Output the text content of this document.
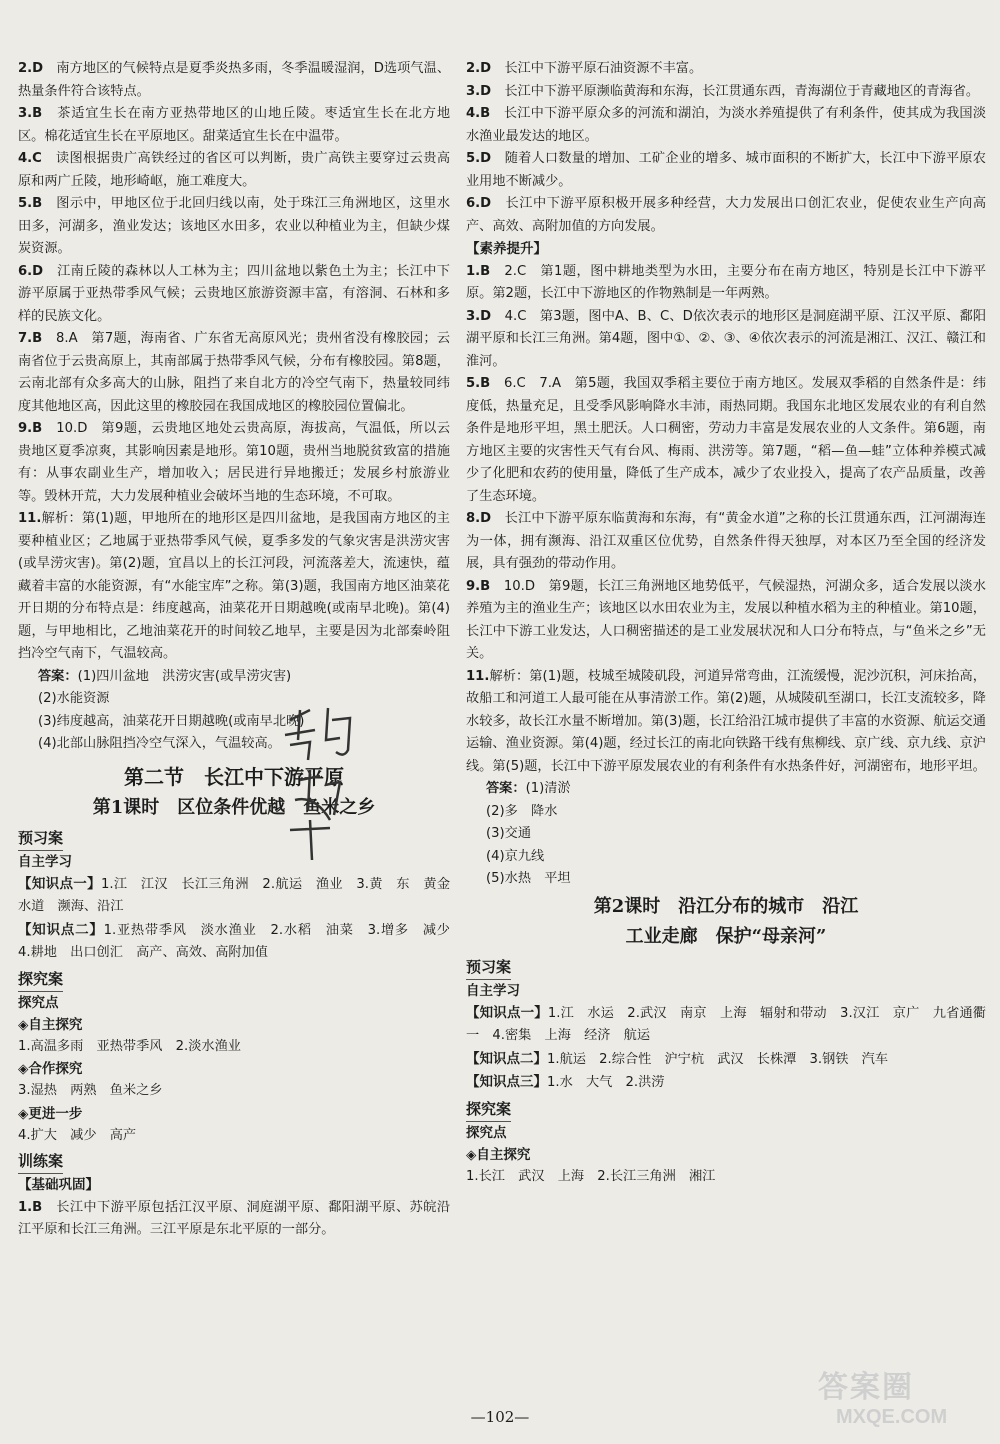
2.D　 南方地区的气候特点是夏季炎热多雨，冬季温暖湿润，D选项气温、热量条件符合该特点。

3.B　 茶适宜生长在南方亚热带地区的山地丘陵。枣适宜生长在北方地区。棉花适宜生长在平原地区。甜菜适宜生长在中温带。

4.C　 读图根据贵广高铁经过的省区可以判断，贵广高铁主要穿过云贵高原和两广丘陵，地形崎岖，施工难度大。

5.B　 图示中，甲地区位于北回归线以南，处于珠江三角洲地区，这里水田多，河湖多，渔业发达；该地区水田多，农业以种植业为主，但缺少煤炭资源。

6.D　 江南丘陵的森林以人工林为主；四川盆地以紫色土为主；长江中下游平原属于亚热带季风气候；云贵地区旅游资源丰富，有溶洞、石林和多样的民族文化。

7.B　 8.A　第7题，海南省、广东省无高原风光；贵州省没有橡胶园；云南省位于云贵高原上，其南部属于热带季风气候，分布有橡胶园。第8题，云南北部有众多高大的山脉，阻挡了来自北方的冷空气南下，热量较同纬度其他地区高，因此这里的橡胶园在我国成地区的橡胶园位置偏北。

9.B　 10.D　第9题，云贵地区地处云贵高原，海拔高，气温低，所以云贵地区夏季凉爽，其影响因素是地形。第10题，贵州当地脱贫致富的措施有：从事农副业生产，增加收入；居民进行异地搬迁；发展乡村旅游业等。毁林开荒，大力发展种植业会破坏当地的生态环境，不可取。

11.解析：第(1)题，甲地所在的地形区是四川盆地，是我国南方地区的主要种植业区；乙地属于亚热带季风气候，夏季多发的气象灾害是洪涝灾害(或旱涝灾害)。第(2)题，宜昌以上的长江河段，河流落差大，流速快，蕴藏着丰富的水能资源，有“水能宝库”之称。第(3)题，我国南方地区油菜花开日期的分布特点是：纬度越高，油菜花开日期越晚(或南早北晚)。第(4)题，与甲地相比，乙地油菜花开的时间较乙地早，主要是因为北部秦岭阻挡冷空气南下，气温较高。

答案：(1)四川盆地　洪涝灾害(或旱涝灾害)

(2)水能资源

(3)纬度越高，油菜花开日期越晚(或南早北晚)

(4)北部山脉阻挡冷空气深入，气温较高。

第二节　长江中下游平原
第1课时　区位条件优越　鱼米之乡
预习案
自主学习

【知识点一】1.江　江汉　长江三角洲　2.航运　渔业　3.黄　东　黄金水道　濒海、沿江

【知识点二】1.亚热带季风　淡水渔业　2.水稻　油菜　3.增多　减少　4.耕地　出口创汇　高产、高效、高附加值

探究案
探究点
◈自主探究

1.高温多雨　亚热带季风　2.淡水渔业

◈合作探究

3.湿热　两熟　鱼米之乡

◈更进一步

4.扩大　减少　高产

训练案
【基础巩固】

1.B　 长江中下游平原包括江汉平原、洞庭湖平原、鄱阳湖平原、苏皖沿江平原和长江三角洲。三江平原是东北平原的一部分。

2.D　 长江中下游平原石油资源不丰富。

3.D　 长江中下游平原濒临黄海和东海，长江贯通东西，青海湖位于青藏地区的青海省。

4.B　 长江中下游平原众多的河流和湖泊，为淡水养殖提供了有利条件，使其成为我国淡水渔业最发达的地区。

5.D　 随着人口数量的增加、工矿企业的增多、城市面积的不断扩大，长江中下游平原农业用地不断减少。

6.D　 长江中下游平原积极开展多种经营，大力发展出口创汇农业，促使农业生产向高产、高效、高附加值的方向发展。

【素养提升】

1.B　 2.C　第1题，图中耕地类型为水田，主要分布在南方地区，特别是长江中下游平原。第2题，长江中下游地区的作物熟制是一年两熟。

3.D　 4.C　第3题，图中A、B、C、D依次表示的地形区是洞庭湖平原、江汉平原、鄱阳湖平原和长江三角洲。第4题，图中①、②、③、④依次表示的河流是湘江、汉江、赣江和淮河。

5.B　 6.C　7.A　第5题，我国双季稻主要位于南方地区。发展双季稻的自然条件是：纬度低，热量充足，且受季风影响降水丰沛，雨热同期。我国东北地区发展农业的有利自然条件是地形平坦，黑土肥沃。人口稠密，劳动力丰富是发展农业的人文条件。第6题，南方地区主要的灾害性天气有台风、梅雨、洪涝等。第7题，“稻—鱼—蛙”立体种养模式减少了化肥和农药的使用量，降低了生产成本，减少了农业投入，提高了农产品质量，改善了生态环境。

8.D　 长江中下游平原东临黄海和东海，有“黄金水道”之称的长江贯通东西，江河湖海连为一体，拥有濒海、沿江双重区位优势，自然条件得天独厚，对本区乃至全国的经济发展，具有强劲的带动作用。

9.B　 10.D　第9题，长江三角洲地区地势低平，气候湿热，河湖众多，适合发展以淡水养殖为主的渔业生产；该地区以水田农业为主，发展以种植水稻为主的种植业。第10题，长江中下游工业发达，人口稠密描述的是工业发展状况和人口分布特点，与“鱼米之乡”无关。

11.解析：第(1)题，枝城至城陵矶段，河道异常弯曲，江流缓慢，泥沙沉积，河床抬高，故船工和河道工人最可能在从事清淤工作。第(2)题，从城陵矶至湖口，长江支流较多，降水较多，故长江水量不断增加。第(3)题，长江给沿江城市提供了丰富的水资源、航运交通运输、渔业资源。第(4)题，经过长江的南北向铁路干线有焦柳线、京广线、京九线、京沪线。第(5)题，长江中下游平原发展农业的有利条件有水热条件好，河湖密布，地形平坦。

答案：(1)清淤

(2)多　降水

(3)交通

(4)京九线

(5)水热　平坦

第2课时　沿江分布的城市　沿江
工业走廊　保护“母亲河”
预习案
自主学习

【知识点一】1.江　水运　2.武汉　南京　上海　辐射和带动　3.汉江　京广　九省通衢　一　4.密集　上海　经济　航运

【知识点二】1.航运　2.综合性　沪宁杭　武汉　长株潭　3.钢铁　汽车

【知识点三】1.水　大气　2.洪涝

探究案
探究点
◈自主探究

1.长江　武汉　上海　2.长江三角洲　湘江

—102—
答案圈
MXQE.COM
